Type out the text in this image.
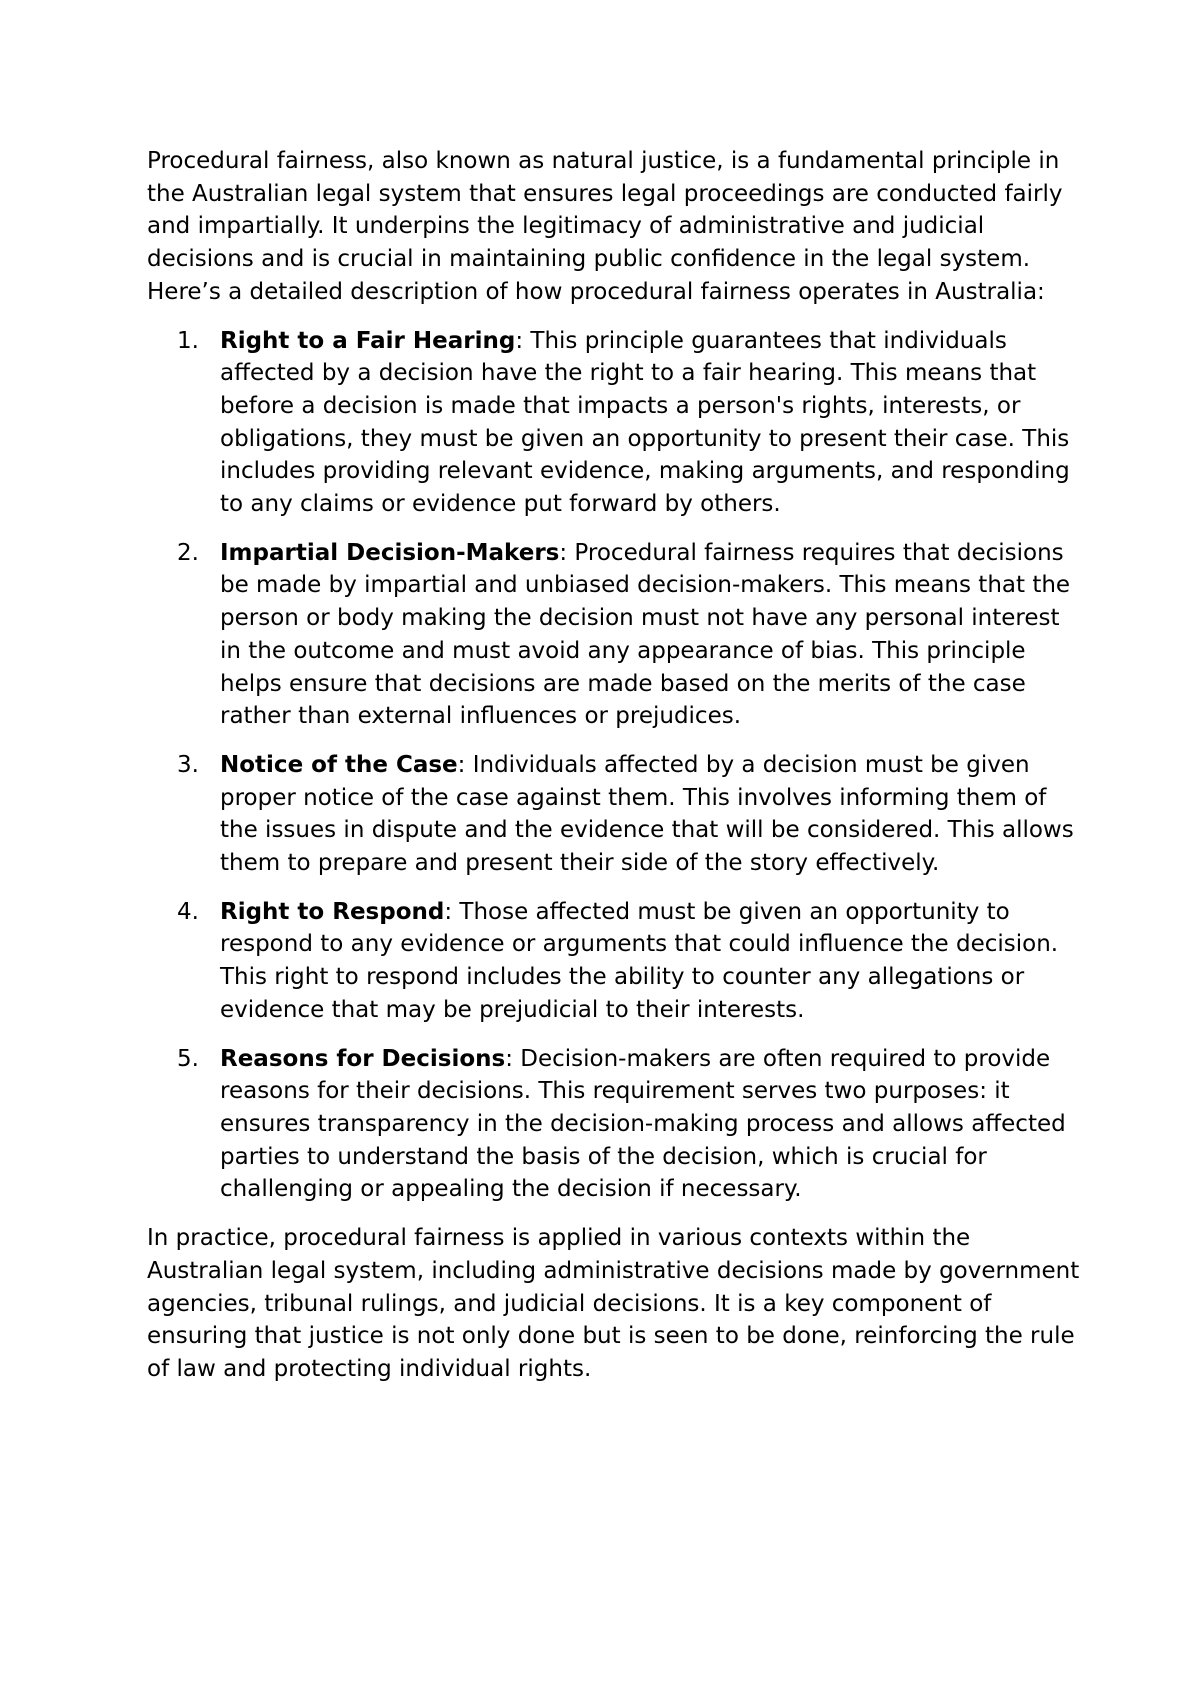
Procedural fairness, also known as natural justice, is a fundamental principle in the Australian legal system that ensures legal proceedings are conducted fairly and impartially. It underpins the legitimacy of administrative and judicial decisions and is crucial in maintaining public confidence in the legal system. Here’s a detailed description of how procedural fairness operates in Australia:

1. Right to a Fair Hearing: This principle guarantees that individuals affected by a decision have the right to a fair hearing. This means that before a decision is made that impacts a person's rights, interests, or obligations, they must be given an opportunity to present their case. This includes providing relevant evidence, making arguments, and responding to any claims or evidence put forward by others.
2. Impartial Decision-Makers: Procedural fairness requires that decisions be made by impartial and unbiased decision-makers. This means that the person or body making the decision must not have any personal interest in the outcome and must avoid any appearance of bias. This principle helps ensure that decisions are made based on the merits of the case rather than external influences or prejudices.
3. Notice of the Case: Individuals affected by a decision must be given proper notice of the case against them. This involves informing them of the issues in dispute and the evidence that will be considered. This allows them to prepare and present their side of the story effectively.
4. Right to Respond: Those affected must be given an opportunity to respond to any evidence or arguments that could influence the decision. This right to respond includes the ability to counter any allegations or evidence that may be prejudicial to their interests.
5. Reasons for Decisions: Decision-makers are often required to provide reasons for their decisions. This requirement serves two purposes: it ensures transparency in the decision-making process and allows affected parties to understand the basis of the decision, which is crucial for challenging or appealing the decision if necessary.

In practice, procedural fairness is applied in various contexts within the Australian legal system, including administrative decisions made by government agencies, tribunal rulings, and judicial decisions. It is a key component of ensuring that justice is not only done but is seen to be done, reinforcing the rule of law and protecting individual rights.
